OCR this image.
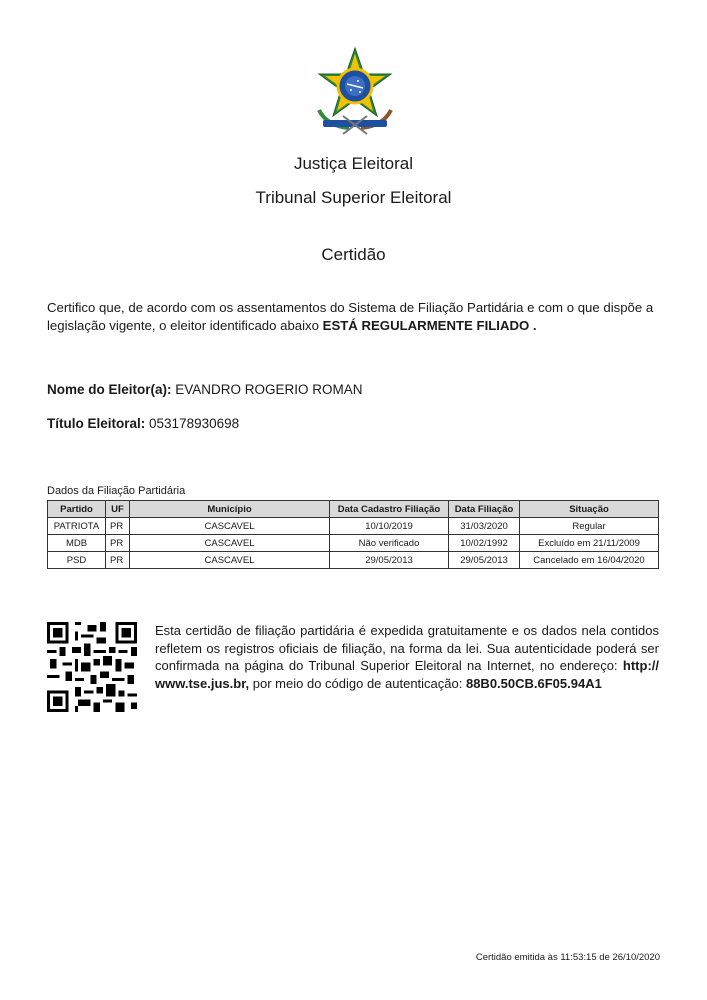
Justiça Eleitoral
Tribunal Superior Eleitoral
Certidão
Certifico que, de acordo com os assentamentos do Sistema de Filiação Partidária e com o que dispõe a legislação vigente, o eleitor identificado abaixo ESTÁ REGULARMENTE FILIADO .
Nome do Eleitor(a): EVANDRO ROGERIO ROMAN
Título Eleitoral: 053178930698
Dados da Filiação Partidária
Partido	UF	Município	Data Cadastro Filiação	Data Filiação	Situação
PATRIOTA	PR	CASCAVEL	10/10/2019	31/03/2020	Regular
MDB	PR	CASCAVEL	Não verificado	10/02/1992	Excluído em 21/11/2009
PSD	PR	CASCAVEL	29/05/2013	29/05/2013	Cancelado em 16/04/2020
Esta certidão de filiação partidária é expedida gratuitamente e os dados nela contidos refletem os registros oficiais de filiação, na forma da lei. Sua autenticidade poderá ser confirmada na página do Tribunal Superior Eleitoral na Internet, no endereço: http:// www.tse.jus.br, por meio do código de autenticação: 88B0.50CB.6F05.94A1
Certidão emitida às 11:53:15 de 26/10/2020
